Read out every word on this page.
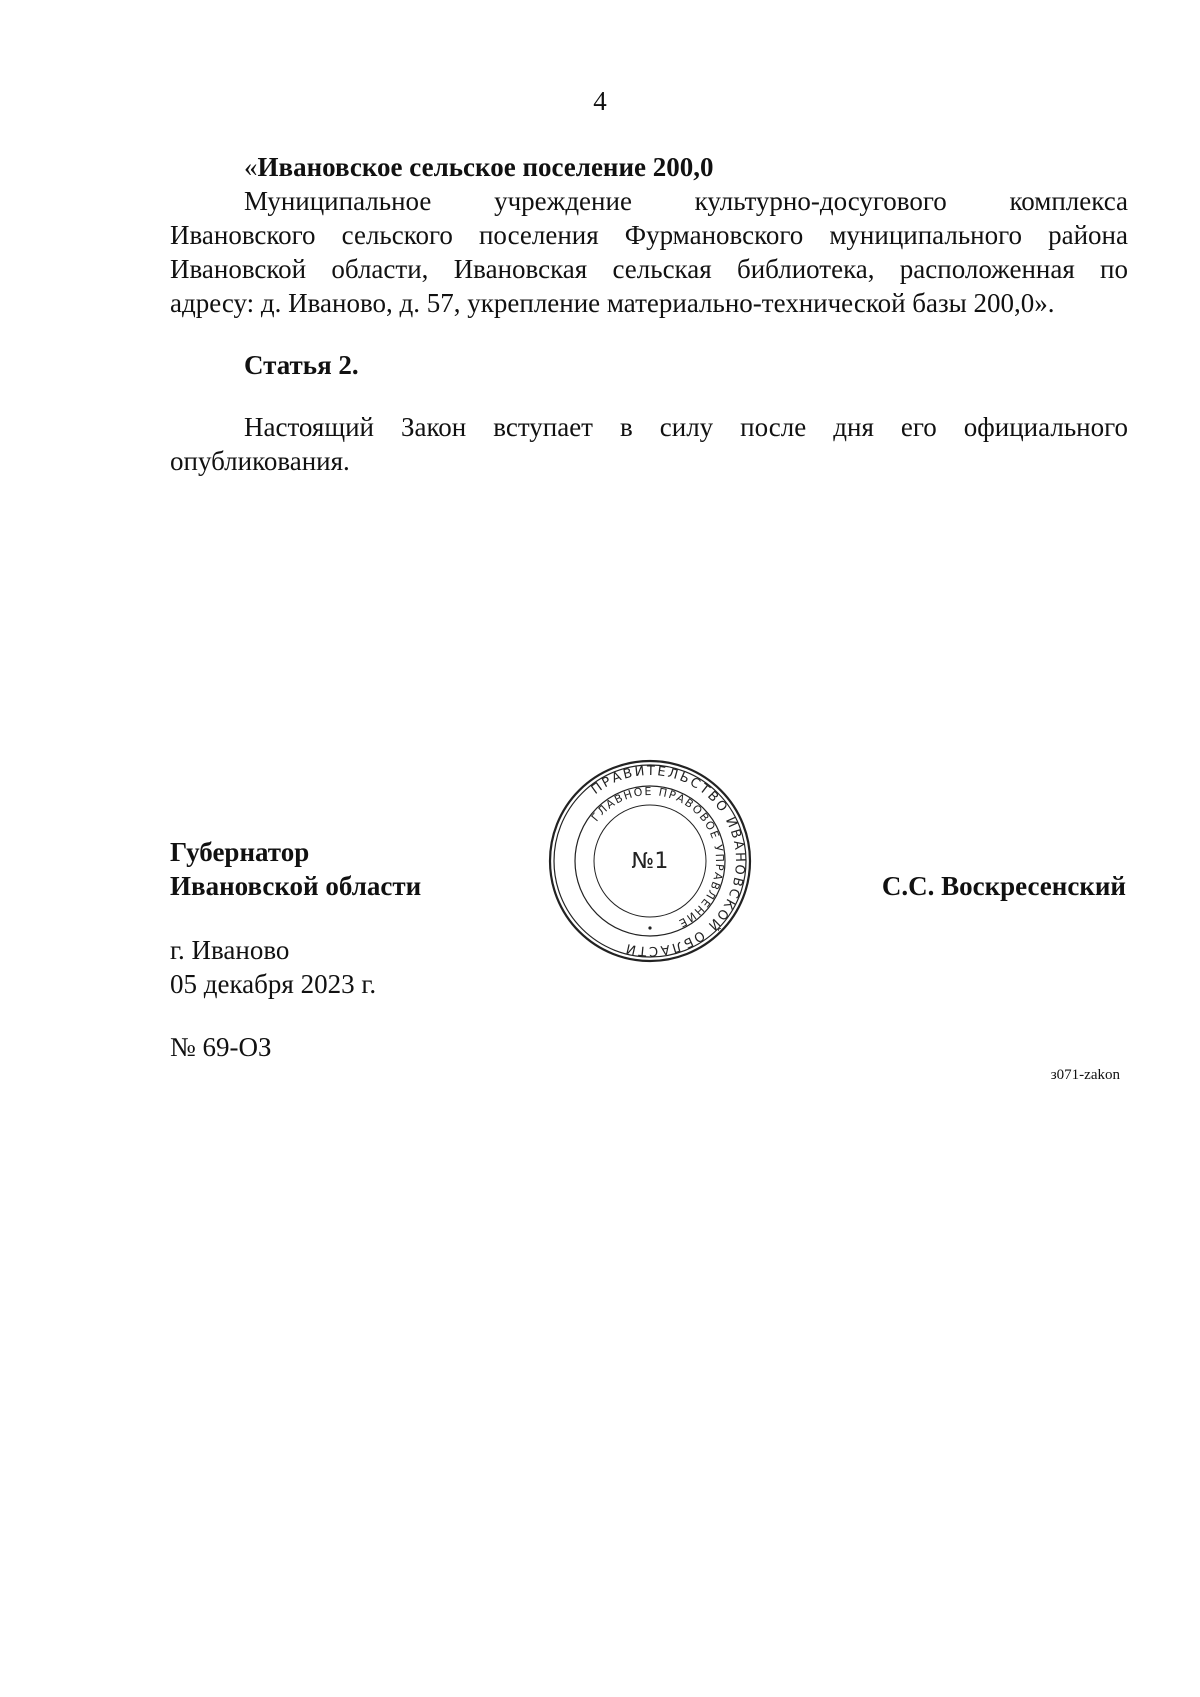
4
«Ивановское сельское поселение 200,0
Муниципальное учреждение культурно-досугового комплекса
Ивановского сельского поселения Фурмановского муниципального района
Ивановской области, Ивановская сельская библиотека, расположенная по
адресу: д. Иваново, д. 57, укрепление материально-технической базы 200,0».
Статья 2.
Настоящий Закон вступает в силу после дня его официального
опубликования.
Губернатор
Ивановской области	С.С. Воскресенский
г. Иваново
05 декабря 2023 г.
№ 69-ОЗ
з071-zakon
ПРАВИТЕЛЬСТВО ИВАНОВСКОЙ ОБЛАСТИ
ГЛАВНОЕ ПРАВОВОЕ УПРАВЛЕНИЕ
№1
